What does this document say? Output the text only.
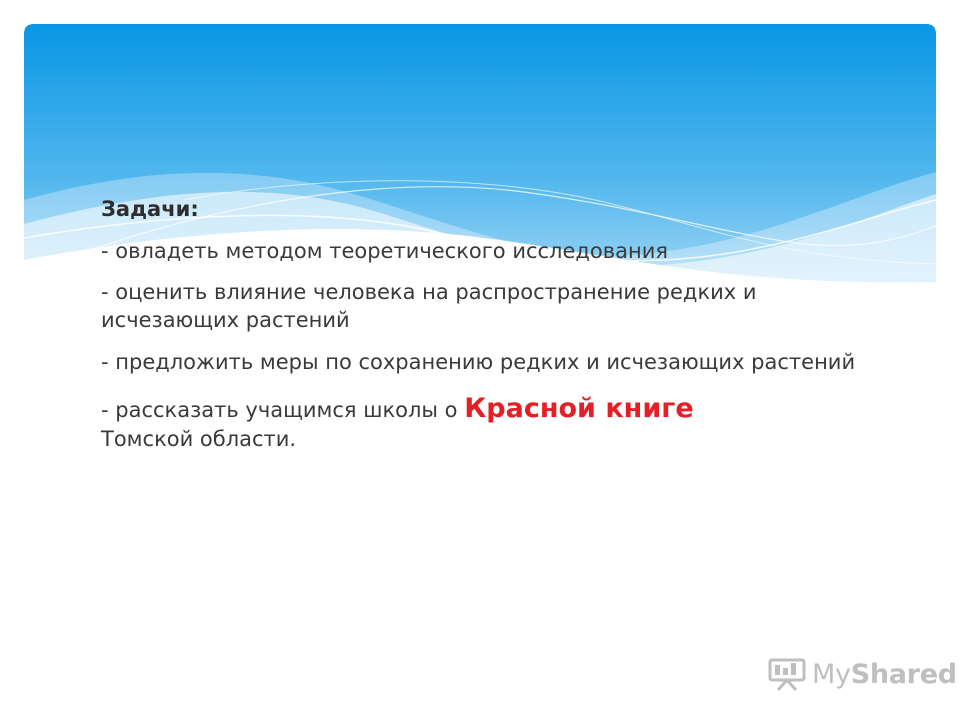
Задачи:

- овладеть методом теоретического исследования

- оценить влияние человека на распространение редких и исчезающих растений

- предложить меры по сохранению редких и исчезающих растений

- рассказать учащимся школы о Красной книге
Томской области.

MyShared
